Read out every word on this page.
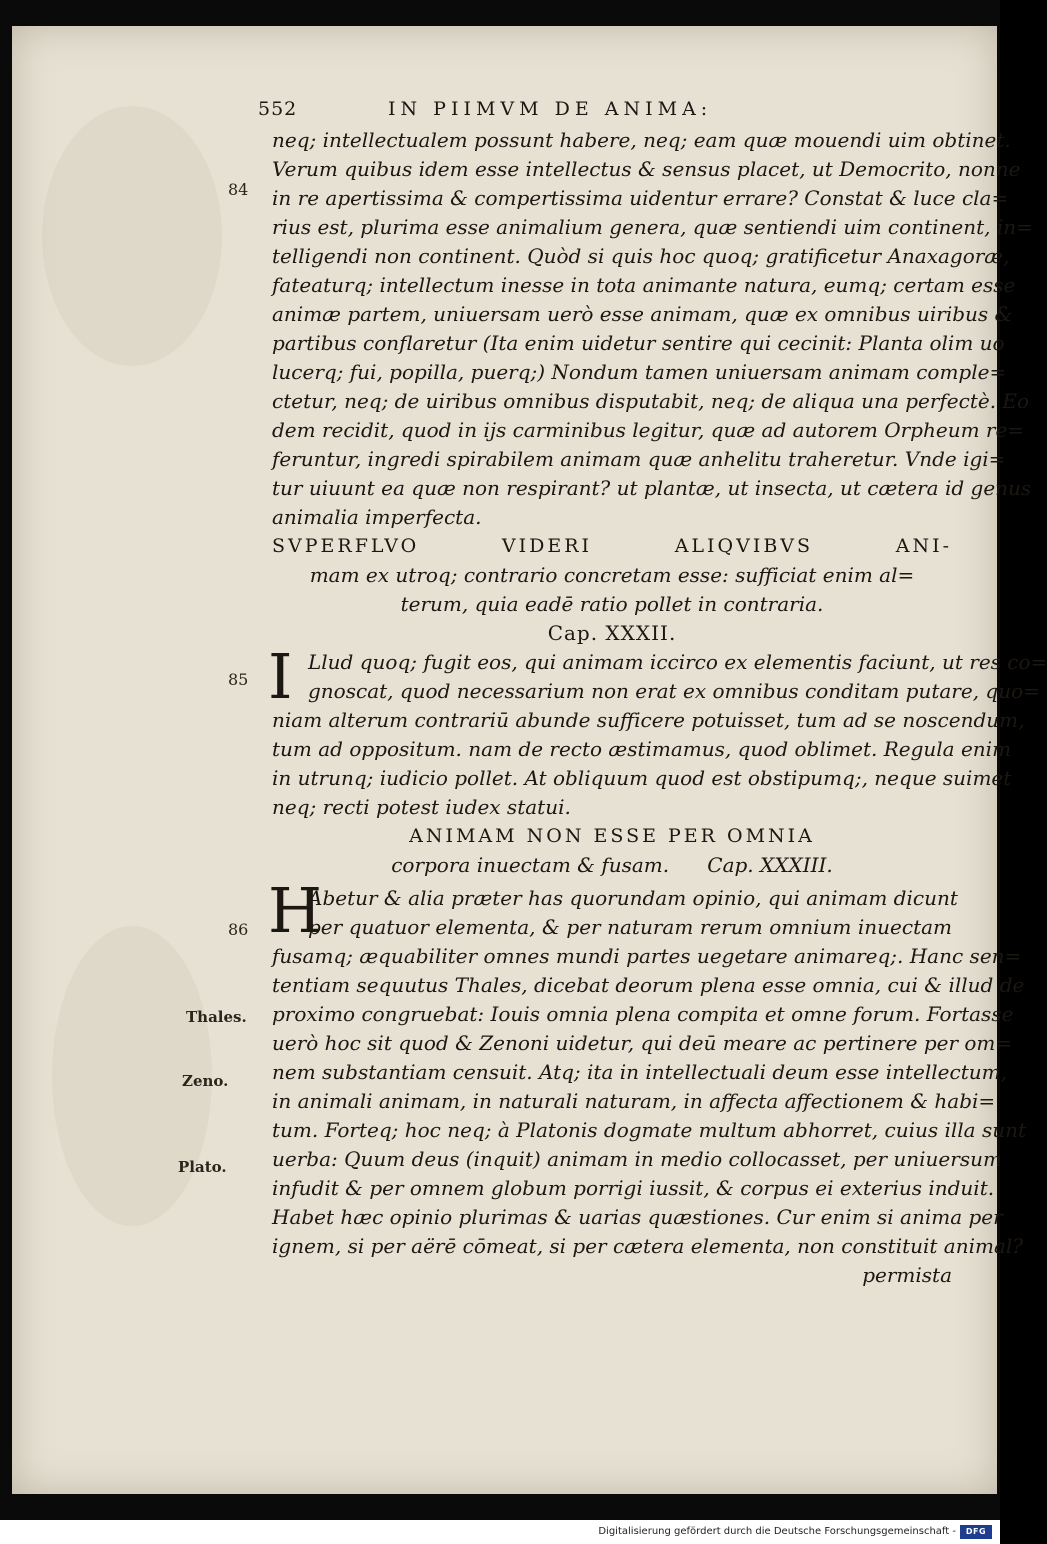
552	IN PIIMVM DE ANIMA:
84
85
86
Thales.
Zeno.
Plato.
neq; intellectualem possunt habere, neq; eam quæ mouendi uim obtinet.
Verum quibus idem esse intellectus & sensus placet, ut Democrito, nonne
in re apertissima & compertissima uidentur errare? Constat & luce cla=
rius est, plurima esse animalium genera, quæ sentiendi uim continent, in=
telligendi non continent. Quòd si quis hoc quoq; gratificetur Anaxagoræ,
fateaturq; intellectum inesse in tota animante natura, eumq; certam esse
animæ partem, uniuersam uerò esse animam, quæ ex omnibus uiribus &
partibus conflaretur (Ita enim uidetur sentire qui cecinit: Planta olim uo
lucerq; fui, popilla, puerq;) Nondum tamen uniuersam animam comple=
ctetur, neq; de uiribus omnibus disputabit, neq; de aliqua una perfectè. Eo
dem recidit, quod in ijs carminibus legitur, quæ ad autorem Orpheum re=
feruntur, ingredi spirabilem animam quæ anhelitu traheretur. Vnde igi=
tur uiuunt ea quæ non respirant? ut plantæ, ut insecta, ut cætera id genus
animalia imperfecta.
SVPERFLVO VIDERI ALIQVIBVS ANI-
mam ex utroq; contrario concretam esse: sufficiat enim al=
terum, quia eadē ratio pollet in contraria.
Cap. XXXII.
I Llud quoq; fugit eos, qui animam iccirco ex elementis faciunt, ut res co=
gnoscat, quod necessarium non erat ex omnibus conditam putare, quo=
niam alterum contrariū abunde sufficere potuisset, tum ad se noscendum,
tum ad oppositum. nam de recto æstimamus, quod oblimet. Regula enim
in utrunq; iudicio pollet. At obliquum quod est obstipumq;, neque suimet
neq; recti potest iudex statui.
ANIMAM NON ESSE PER OMNIA
corpora inuectam & fusam.      Cap. XXXIII.
H
Abetur & alia præter has quorundam opinio, qui animam dicunt
per quatuor elementa, & per naturam rerum omnium inuectam
fusamq; æquabiliter omnes mundi partes uegetare animareq;. Hanc sen=
tentiam sequutus Thales, dicebat deorum plena esse omnia, cui & illud de
proximo congruebat: Iouis omnia plena compita et omne forum. Fortasse
uerò hoc sit quod & Zenoni uidetur, qui deū meare ac pertinere per om=
nem substantiam censuit. Atq; ita in intellectuali deum esse intellectum,
in animali animam, in naturali naturam, in affecta affectionem & habi=
tum. Forteq; hoc neq; à Platonis dogmate multum abhorret, cuius illa sunt
uerba: Quum deus (inquit) animam in medio collocasset, per uniuersum
infudit & per omnem globum porrigi iussit, & corpus ei exterius induit.
Habet hæc opinio plurimas & uarias quæstiones. Cur enim si anima per
ignem, si per aërē cōmeat, si per cætera elementa, non constituit animal?
permista
Digitalisierung gefördert durch die Deutsche Forschungsgemeinschaft -	DFG
